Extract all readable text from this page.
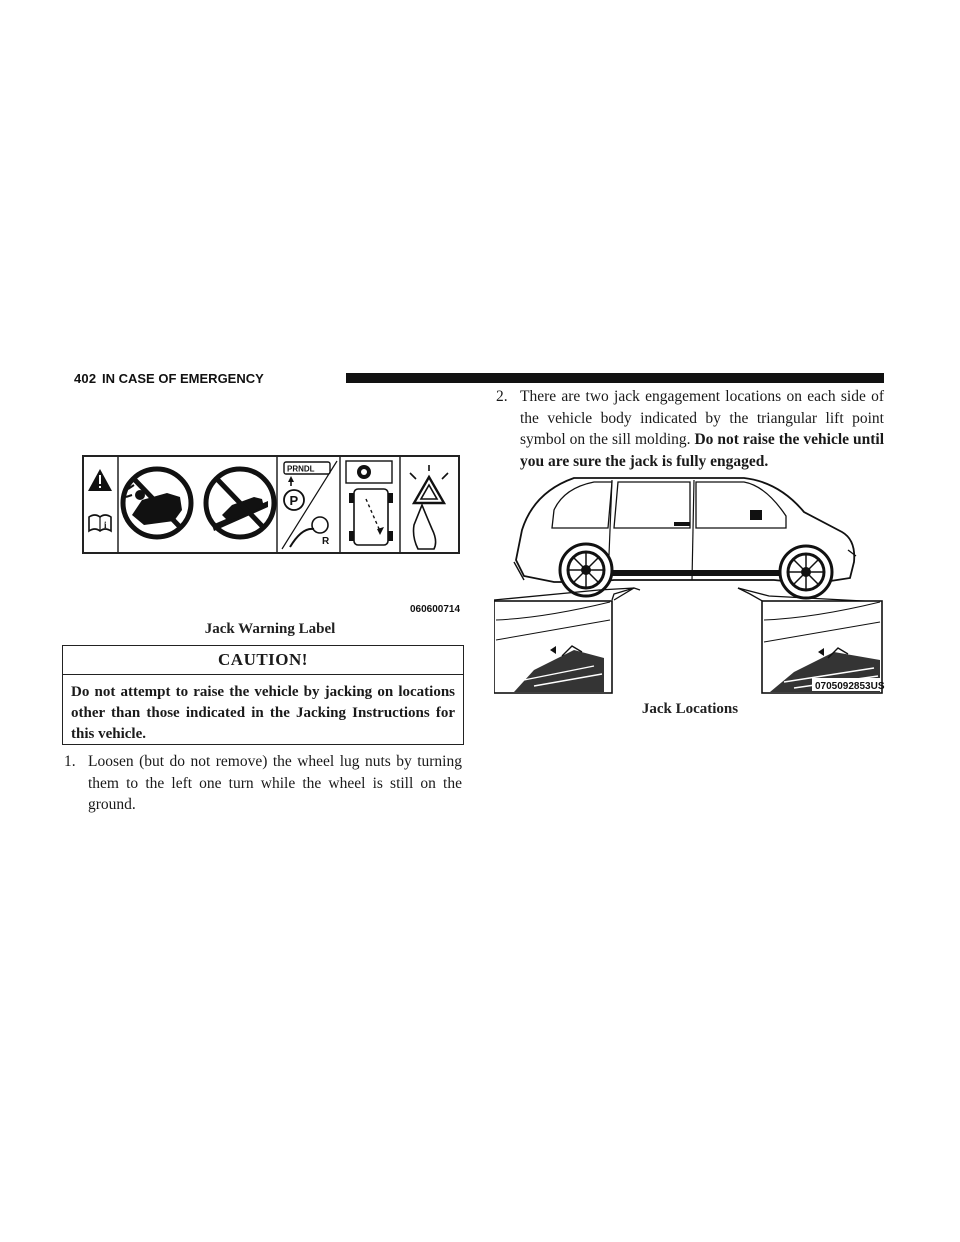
402 IN CASE OF EMERGENCY
i
PRNDL
P
R
060600714
Jack Warning Label
CAUTION!
Do not attempt to raise the vehicle by jacking on locations other than those indicated in the Jacking Instructions for this vehicle.
1. Loosen (but do not remove) the wheel lug nuts by turning them to the left one turn while the wheel is still on the ground.
2. There are two jack engagement locations on each side of the vehicle body indicated by the triangular lift point symbol on the sill molding. Do not raise the vehicle until you are sure the jack is fully engaged.
0705092853US
Jack Locations
